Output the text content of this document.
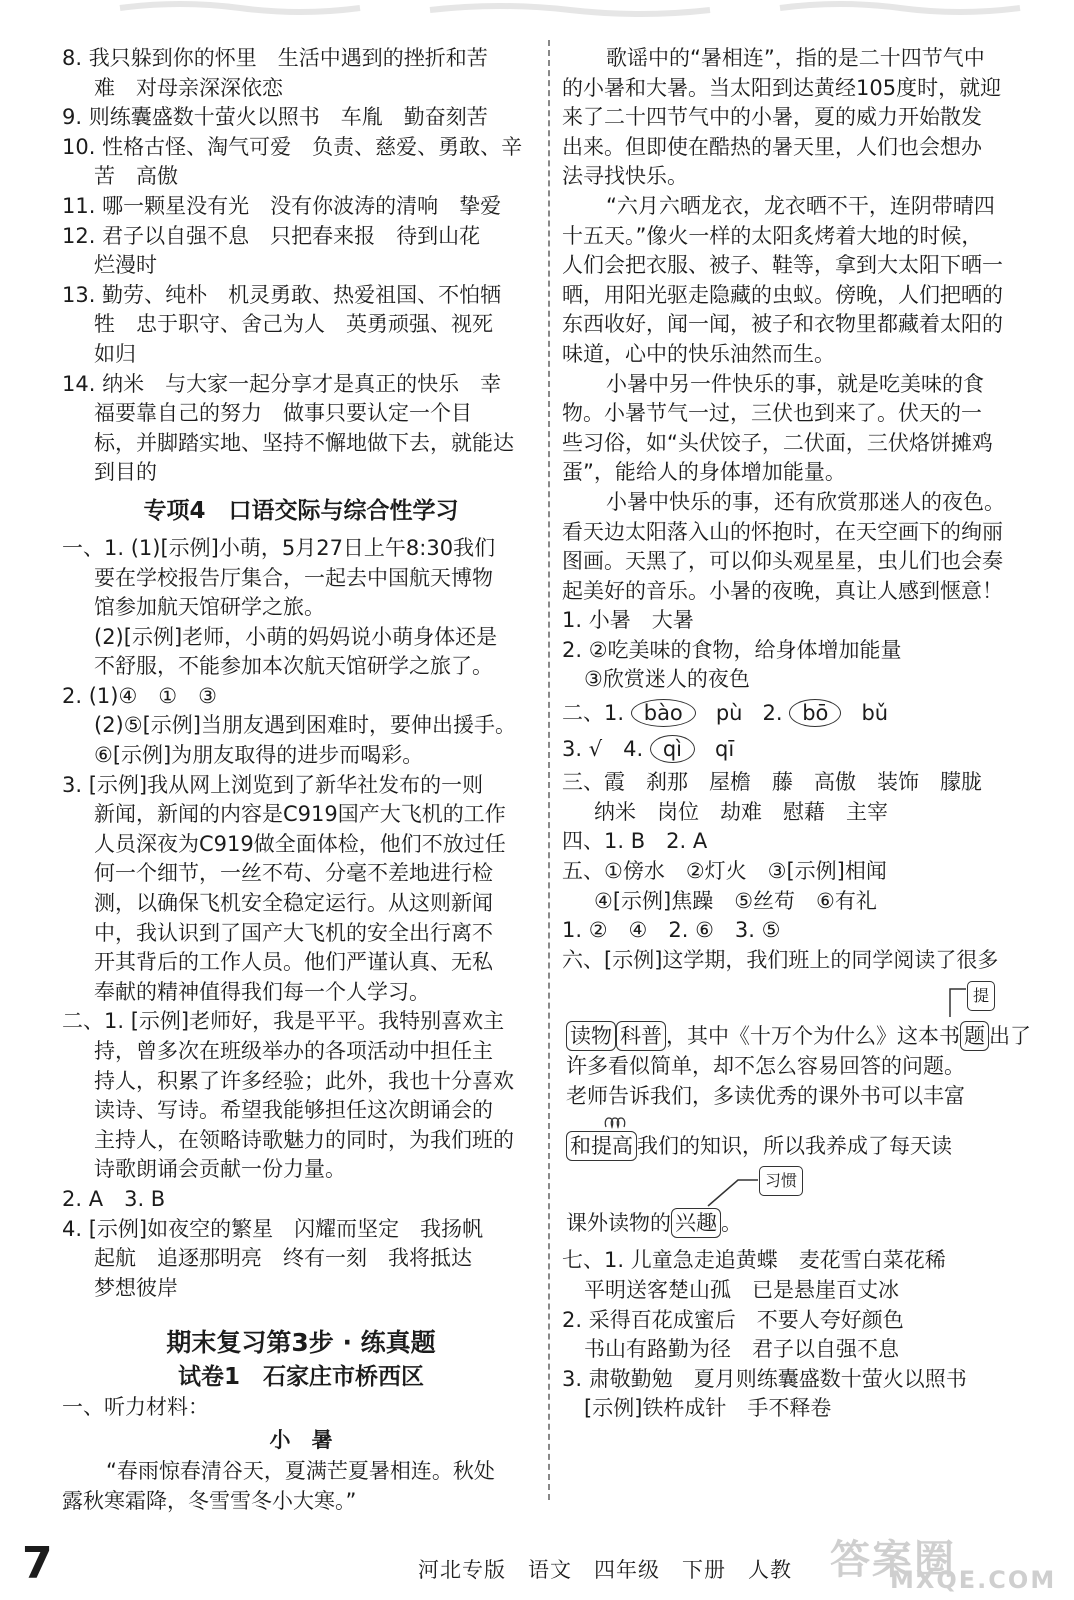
8. 我只躲到你的怀里　生活中遇到的挫折和苦
难　对母亲深深依恋
9. 则练囊盛数十萤火以照书　车胤　勤奋刻苦
10. 性格古怪、淘气可爱　负责、慈爱、勇敢、辛
苦　高傲
11. 哪一颗星没有光　没有你波涛的清响　挚爱
12. 君子以自强不息　只把春来报　待到山花
烂漫时
13. 勤劳、纯朴　机灵勇敢、热爱祖国、不怕牺
牲　忠于职守、舍己为人　英勇顽强、视死
如归
14. 纳米　与大家一起分享才是真正的快乐　幸
福要靠自己的努力　做事只要认定一个目
标，并脚踏实地、坚持不懈地做下去，就能达
到目的
专项4　口语交际与综合性学习
一、1. (1)[示例]小萌，5月27日上午8:30我们
要在学校报告厅集合，一起去中国航天博物
馆参加航天馆研学之旅。
(2)[示例]老师，小萌的妈妈说小萌身体还是
不舒服，不能参加本次航天馆研学之旅了。
2. (1)④　①　③
(2)⑤[示例]当朋友遇到困难时，要伸出援手。
⑥[示例]为朋友取得的进步而喝彩。
3. [示例]我从网上浏览到了新华社发布的一则
新闻，新闻的内容是C919国产大飞机的工作
人员深夜为C919做全面体检，他们不放过任
何一个细节，一丝不苟、分毫不差地进行检
测，以确保飞机安全稳定运行。从这则新闻
中，我认识到了国产大飞机的安全出行离不
开其背后的工作人员。他们严谨认真、无私
奉献的精神值得我们每一个人学习。
二、1. [示例]老师好，我是平平。我特别喜欢主
持，曾多次在班级举办的各项活动中担任主
持人，积累了许多经验；此外，我也十分喜欢
读诗、写诗。希望我能够担任这次朗诵会的
主持人，在领略诗歌魅力的同时，为我们班的
诗歌朗诵会贡献一份力量。
2. A　3. B
4. [示例]如夜空的繁星　闪耀而坚定　我扬帆
起航　追逐那明亮　终有一刻　我将抵达
梦想彼岸
期末复习第3步 · 练真题
试卷1　石家庄市桥西区
一、听力材料：
小　暑
“春雨惊春清谷天，夏满芒夏暑相连。秋处
露秋寒霜降，冬雪雪冬小大寒。”
歌谣中的“暑相连”，指的是二十四节气中
的小暑和大暑。当太阳到达黄经105度时，就迎
来了二十四节气中的小暑，夏的威力开始散发
出来。但即使在酷热的暑天里，人们也会想办
法寻找快乐。
“六月六晒龙衣，龙衣晒不干，连阴带晴四
十五天。”像火一样的太阳炙烤着大地的时候，
人们会把衣服、被子、鞋等，拿到大太阳下晒一
晒，用阳光驱走隐藏的虫蚁。傍晚，人们把晒的
东西收好，闻一闻，被子和衣物里都藏着太阳的
味道，心中的快乐油然而生。
小暑中另一件快乐的事，就是吃美味的食
物。小暑节气一过，三伏也到来了。伏天的一
些习俗，如“头伏饺子，二伏面，三伏烙饼摊鸡
蛋”，能给人的身体增加能量。
小暑中快乐的事，还有欣赏那迷人的夜色。
看天边太阳落入山的怀抱时，在天空画下的绚丽
图画。天黑了，可以仰头观星星，虫儿们也会奏
起美好的音乐。小暑的夜晚，真让人感到惬意！
1. 小暑　大暑
2. ②吃美味的食物，给身体增加能量
③欣赏迷人的夜色
二、1. bào pù 2. bō bǔ
3. √　4. qì qī
三、霞　刹那　屋檐　藤　高傲　装饰　朦胧
纳米　岗位　劫难　慰藉　主宰
四、1. B　2. A
五、①傍水　②灯火　③[示例]相闻
④[示例]焦躁　⑤丝苟　⑥有礼
1. ②　④　2. ⑥　3. ⑤
六、[示例]这学期，我们班上的同学阅读了很多
提
读物 科普 ，其中《十万个为什么》这本书 题 出了
许多看似简单，却不怎么容易回答的问题。
老师告诉我们，多读优秀的课外书可以丰富
和提高 我们的知识，所以我养成了每天读
习惯
课外读物的 兴趣 。
七、1. 儿童急走追黄蝶　麦花雪白菜花稀
平明送客楚山孤　已是悬崖百丈冰
2. 采得百花成蜜后　不要人夸好颜色
书山有路勤为径　君子以自强不息
3. 肃敬勤勉　夏月则练囊盛数十萤火以照书
[示例]铁杵成针　手不释卷
7	河北专版　语文　四年级　下册　人教 答案圈
MXQE.COM
